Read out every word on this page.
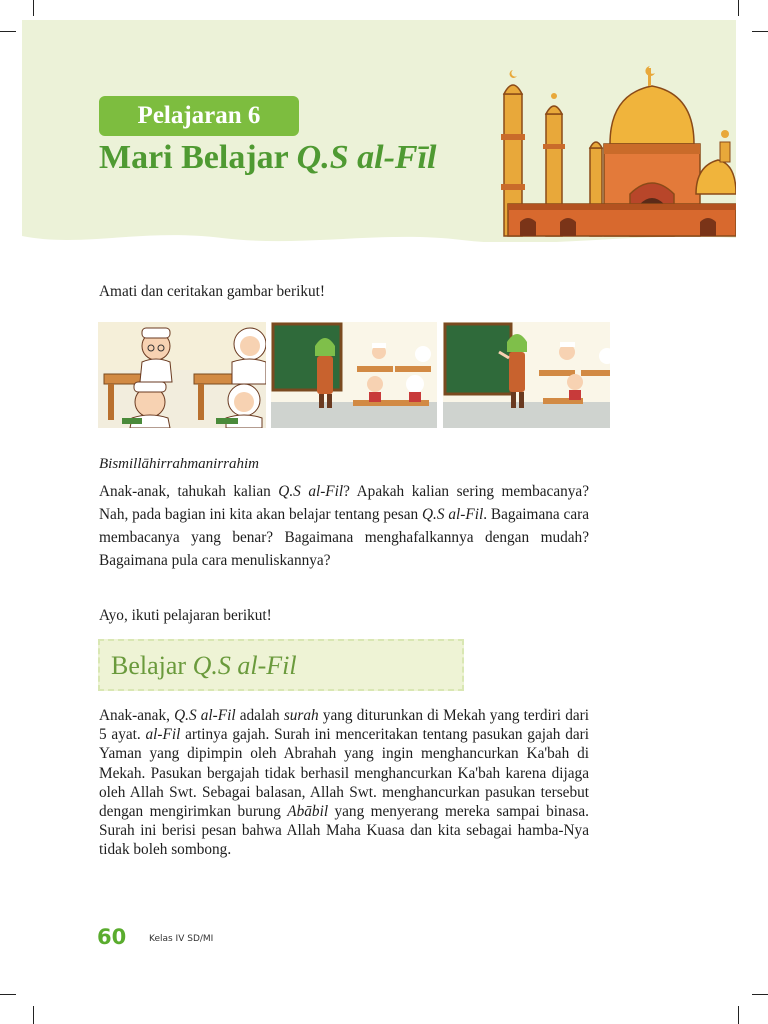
Pelajaran 6
Mari Belajar Q.S al-Fīl

Amati dan ceritakan gambar berikut!

Bismillāhirrahmanirrahim

Anak-anak, tahukah kalian Q.S al-Fil? Apakah kalian sering membacanya? Nah, pada bagian ini kita akan belajar tentang pesan Q.S al-Fil. Bagaimana cara membacanya yang benar? Bagaimana menghafalkannya dengan mudah? Bagaimana pula cara menuliskannya?

Ayo, ikuti pelajaran berikut!

Belajar Q.S al-Fil

Anak-anak, Q.S al-Fil adalah surah yang diturunkan di Mekah yang terdiri dari 5 ayat. al-Fil artinya gajah. Surah ini menceritakan tentang pasukan gajah dari Yaman yang dipimpin oleh Abrahah yang ingin menghancurkan Ka'bah di Mekah. Pasukan bergajah tidak berhasil menghancurkan Ka'bah karena dijaga oleh Allah Swt. Sebagai balasan, Allah Swt. menghancurkan pasukan tersebut dengan mengirimkan burung Abābil yang menyerang mereka sampai binasa. Surah ini berisi pesan bahwa Allah Maha Kuasa dan kita sebagai hamba-Nya tidak boleh sombong.

60	Kelas IV SD/MI
